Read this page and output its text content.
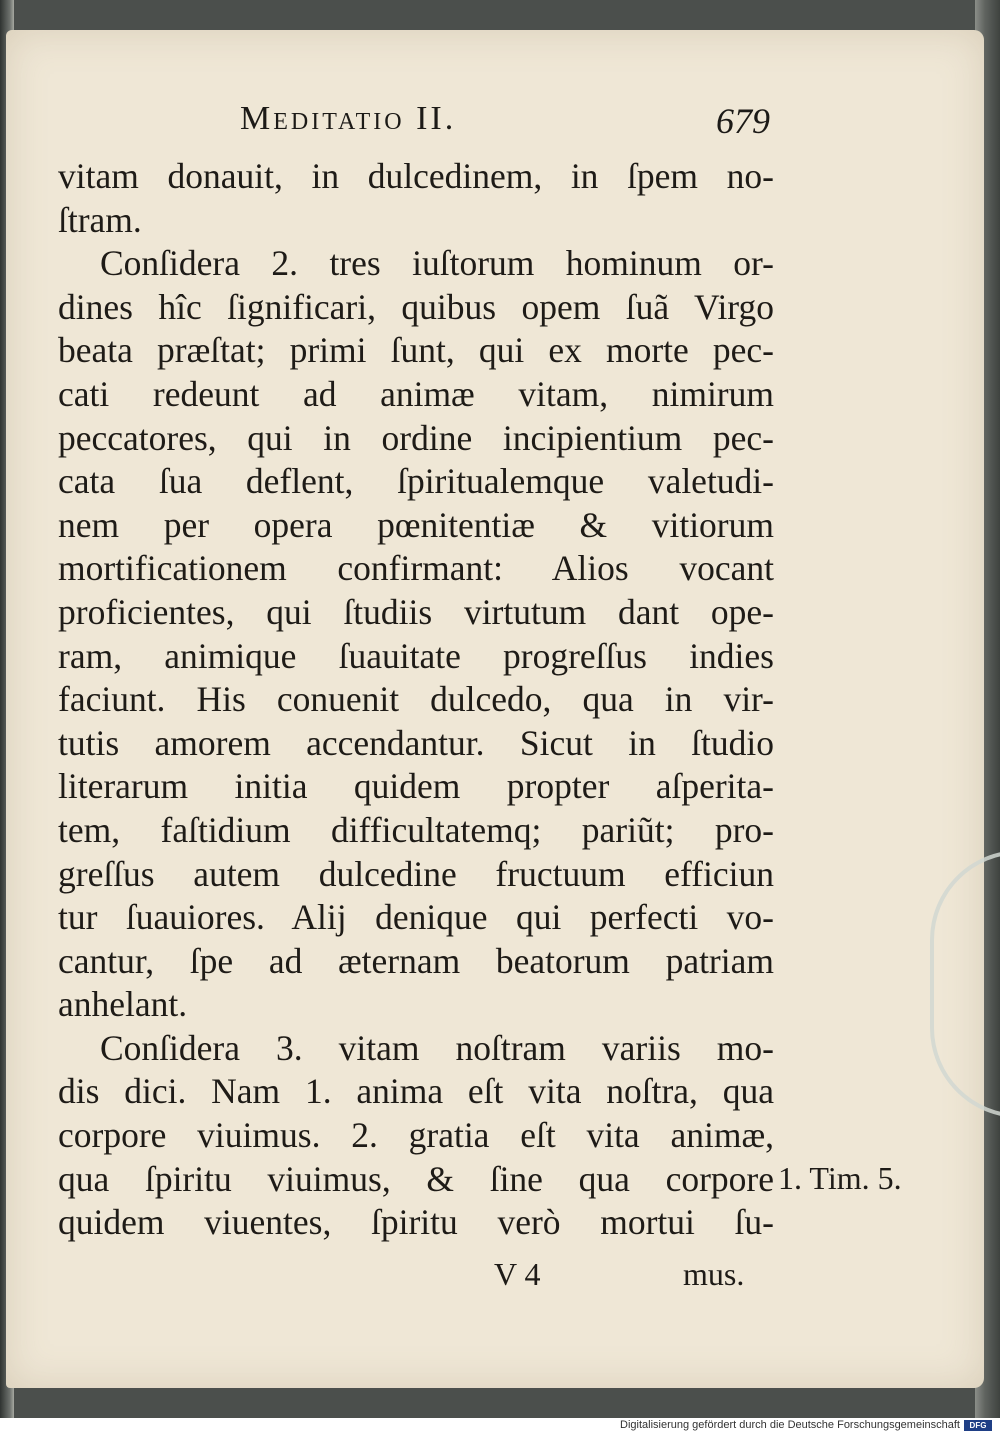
Meditatio II.	679
vitam donauit, in dulcedinem, in ſpem no-
ſtram.
Conſidera 2. tres iuſtorum hominum or-
dines hîc ſignificari, quibus opem ſuã Virgo
beata præſtat; primi ſunt, qui ex morte pec-
cati redeunt ad animæ vitam, nimirum
peccatores, qui in ordine incipientium pec-
cata ſua deflent, ſpiritualemque valetudi-
nem per opera pœnitentiæ & vitiorum
mortificationem confirmant: Alios vocant
proficientes, qui ſtudiis virtutum dant ope-
ram, animique ſuauitate progreſſus indies
faciunt. His conuenit dulcedo, qua in vir-
tutis amorem accendantur. Sicut in ſtudio
literarum initia quidem propter aſperita-
tem, faſtidium difficultatemq; pariũt; pro-
greſſus autem dulcedine fructuum efficiun
tur ſuauiores. Alij denique qui perfecti vo-
cantur, ſpe ad æternam beatorum patriam
anhelant.
Conſidera 3. vitam noſtram variis mo-
dis dici. Nam 1. anima eſt vita noſtra, qua
corpore viuimus. 2. gratia eſt vita animæ,
qua ſpiritu viuimus, & ſine qua corpore
quidem viuentes, ſpiritu verò mortui ſu-
1. Tim. 5.
V 4	mus.
Digitalisierung gefördert durch die Deutsche Forschungsgemeinschaft	DFG
